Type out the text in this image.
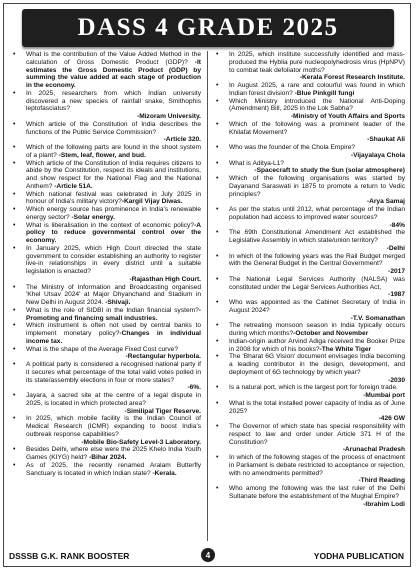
DASS 4 GRADE 2025
• What is the contribution of the Value Added Method in the calculation of Gross Domestic Product (GDP)? -It estimates the Gross Domestic Product (GDP) by summing the value added at each stage of production in the economy.
• In 2025, researchers from which Indian university discovered a new species of rainfall snake, Smithophis leptofasciatus?
-Mizoram University.
• Which article of the Constitution of India describes the functions of the Public Service Commission?
-Article 320.
• Which of the following parts are found in the shoot system of a plant? -Stem, leaf, flower, and bud.
• Which article of the Constitution of India requires citizens to abide by the Constitution, respect its ideals and institutions, and show respect for the National Flag and the National Anthem? -Article 51A.
• Which national festival was celebrated in July 2025 in honour of India's military victory?-Kargil Vijay Diwas.
• Which energy source has prominence in India's renewable energy sector? -Solar energy.
• What is liberalisation in the context of economic policy?-A policy to reduce governmental control over the economy.
• In January 2025, which High Court directed the state government to consider establishing an authority to register live-in relationships in every district until a suitable legislation is enacted?
-Rajasthan High Court.
• The Ministry of Information and Broadcasting organised 'Khel Utsav 2024' at Major Dhyanchand and Stadium in New Delhi in August 2024. -Shivaji.
• What is the role of SIDBI in the Indian financial system?-Promoting and financing small industries.
• Which instrument is often not used by central banks to implement monetary policy?-Changes in individual income tax.
• What is the shape of the Average Fixed Cost curve?
-Rectangular hyperbola.
• A political party is considered a recognised national party if it secures what percentage of the total valid votes polled in its state/assembly elections in four or more states?
-6%.
• Jayara, a sacred site at the centre of a legal dispute in 2025, is located in which protected area?
-Similipal Tiger Reserve.
• In 2025, which mobile facility is the Indian Council of Medical Research (ICMR) expanding to boost India's outbreak response capabilities?
-Mobile Bio-Safety Level-3 Laboratory.
• Besides Delhi, where else were the 2025 Khelo India Youth Games (KIYG) held? -Bihar 2024.
• As of 2025, the recently renamed Aralam Butterfly Sanctuary is located in which Indian state? -Kerala.
• In 2025, which institute successfully identified and mass-produced the Hyblia pure nucleopolyhedrosis virus (HpNPV) to combat teak defoliator moths?
-Kerala Forest Research Institute.
• In August 2025, a rare and colourful was found in which Indian forest division? -Blue Pinkgill fungi
• Which Ministry introduced the National Anti-Doping (Amendment) Bill, 2025 in the Lok Sabha?
-Ministry of Youth Affairs and Sports
• Which of the following was a prominent leader of the Khilafat Movement?
-Shaukat Ali
• Who was the founder of the Chola Empire?
-Vijayalaya Chola
• What is Aditya-L1?
-Spacecraft to study the Sun (solar atmosphere)
• Which of the following organisations was started by Dayanand Saraswati in 1875 to promote a return to Vedic principles?
-Arya Samaj
• As per the status until 2012, what percentage of the Indian population had access to improved water sources?
-84%
• The 69th Constitutional Amendment Act established the Legislative Assembly in which state/union territory?
-Delhi
• In which of the following years was the Rail Budget merged with the General Budget in the Central Government?
-2017
• The National Legal Services Authority (NALSA) was constituted under the Legal Services Authorities Act,
-1987
• Who was appointed as the Cabinet Secretary of India in August 2024?
-T.V. Somanathan
• The retreating monsoon season in India typically occurs during which months?-October and November
• Indian-origin author Arvind Adiga received the Booker Prize in 2008 for which of his books?-The White Tiger
• The 'Bharat 6G Vision' document envisages India becoming a leading contributor in the design, development, and deployment of 6G technology by which year?
-2030
• Is a natural port, which is the largest port for foreign trade.
-Mumbai port
• What is the total installed power capacity of India as of June 2025?
-426 GW
• The Governor of which state has special responsibility with respect to law and order under Article 371 H of the Constitution?
-Arunachal Pradesh
• In which of the following stages of the process of enactment in Parliament is debate restricted to acceptance or rejection, with no amendments permitted?
-Third Reading
• Who among the following was the last ruler of the Delhi Sultanate before the establishment of the Mughal Empire?
-Ibrahim Lodi
DSSSB G.K. RANK BOOSTER	4	YODHA PUBLICATION
